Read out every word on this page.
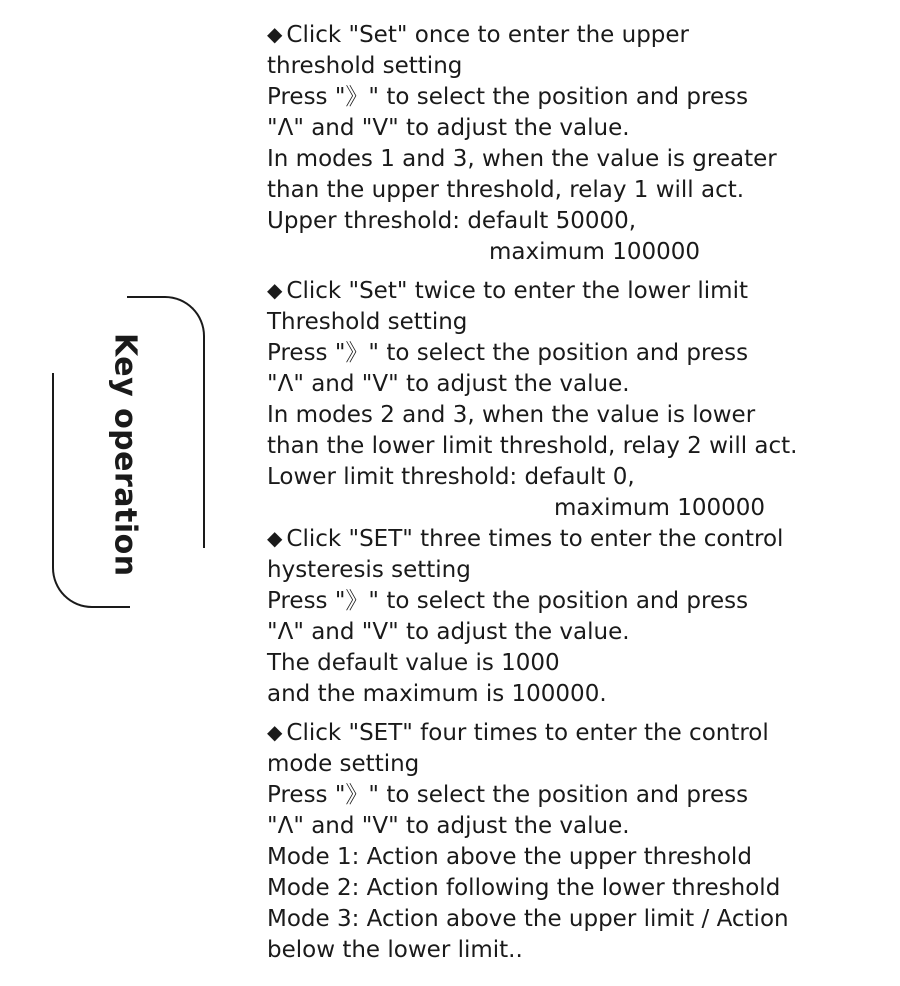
Key operation
◆ Click "Set" once to enter the upper
threshold setting
Press "》" to select the position and press
"Λ" and "V" to adjust the value.
In modes 1 and 3, when the value is greater
than the upper threshold, relay 1 will act.
Upper threshold: default 50000,
maximum 100000
◆ Click "Set" twice to enter the lower limit
Threshold setting
Press "》" to select the position and press
"Λ" and "V" to adjust the value.
In modes 2 and 3, when the value is lower
than the lower limit threshold, relay 2 will act.
Lower limit threshold: default 0,
maximum 100000
◆ Click "SET" three times to enter the control
hysteresis setting
Press "》" to select the position and press
"Λ" and "V" to adjust the value.
The default value is 1000
and the maximum is 100000.
◆ Click "SET" four times to enter the control
mode setting
Press "》" to select the position and press
"Λ" and "V" to adjust the value.
Mode 1: Action above the upper threshold
Mode 2: Action following the lower threshold
Mode 3: Action above the upper limit / Action
below the lower limit..
